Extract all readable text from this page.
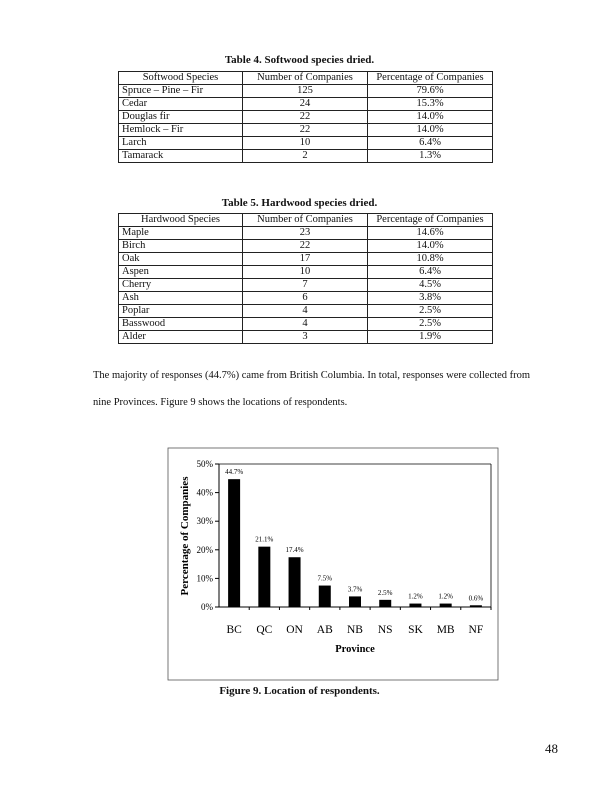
Table 4. Softwood species dried.
Softwood Species	Number of Companies	Percentage of Companies
Spruce – Pine – Fir	125	79.6%
Cedar	24	15.3%
Douglas fir	22	14.0%
Hemlock – Fir	22	14.0%
Larch	10	6.4%
Tamarack	2	1.3%
Table 5. Hardwood species dried.
Hardwood Species	Number of Companies	Percentage of Companies
Maple	23	14.6%
Birch	22	14.0%
Oak	17	10.8%
Aspen	10	6.4%
Cherry	7	4.5%
Ash	6	3.8%
Poplar	4	2.5%
Basswood	4	2.5%
Alder	3	1.9%
The majority of responses (44.7%) came from British Columbia. In total, responses were collected from
nine Provinces. Figure 9 shows the locations of respondents.
0%
10%
20%
30%
40%
50%
44.7%
BC
21.1%
QC
17.4%
ON
7.5%
AB
3.7%
NB
2.5%
NS
1.2%
SK
1.2%
MB
0.6%
NF
Province
Percentage of Companies
Figure 9. Location of respondents.
48
